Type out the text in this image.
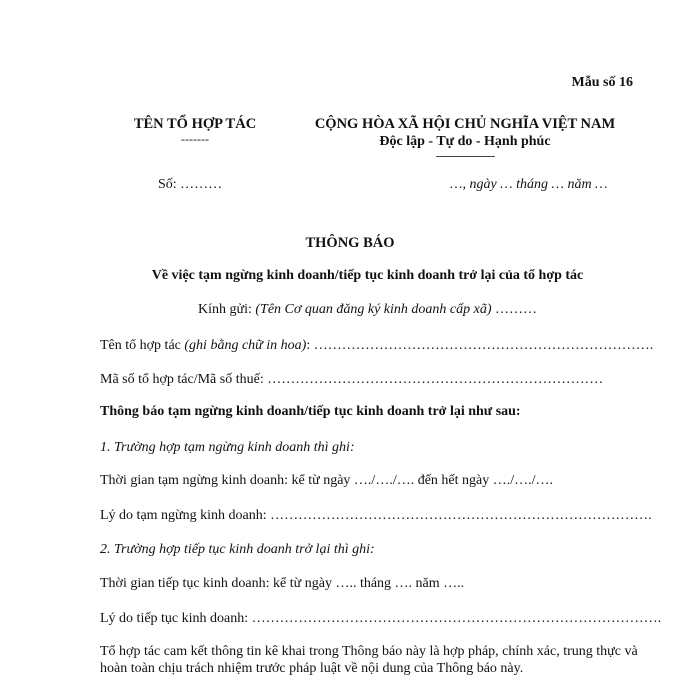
Mẫu số 16
TÊN TỔ HỢP TÁC
-------
CỘNG HÒA XÃ HỘI CHỦ NGHĨA VIỆT NAM
Độc lập - Tự do - Hạnh phúc
----------------------
Số: ………	…, ngày … tháng … năm …
THÔNG BÁO
Về việc tạm ngừng kinh doanh/tiếp tục kinh doanh trở lại của tổ hợp tác
Kính gửi: (Tên Cơ quan đăng ký kinh doanh cấp xã) ………
Tên tổ hợp tác (ghi bằng chữ in hoa): ……………………………………………………………….
Mã số tổ hợp tác/Mã số thuế: ………………………………………………………………
Thông báo tạm ngừng kinh doanh/tiếp tục kinh doanh trở lại như sau:
1. Trường hợp tạm ngừng kinh doanh thì ghi:
Thời gian tạm ngừng kinh doanh: kể từ ngày …./…./…. đến hết ngày …./…./….
Lý do tạm ngừng kinh doanh: ……………………………………………………………………….
2. Trường hợp tiếp tục kinh doanh trở lại thì ghi:
Thời gian tiếp tục kinh doanh: kể từ ngày ….. tháng …. năm …..
Lý do tiếp tục kinh doanh: …………………………………………………………………………….
Tổ hợp tác cam kết thông tin kê khai trong Thông báo này là hợp pháp, chính xác, trung thực và hoàn toàn chịu trách nhiệm trước pháp luật về nội dung của Thông báo này.
